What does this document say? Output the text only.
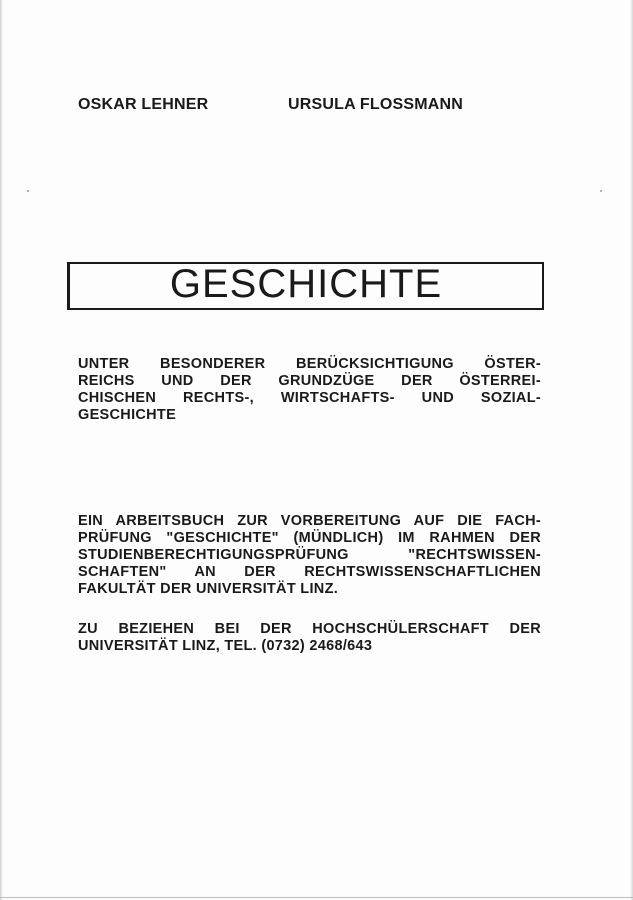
OSKAR LEHNER	URSULA FLOSSMANN
GESCHICHTE
UNTER BESONDERER BERÜCKSICHTIGUNG ÖSTER-
REICHS UND DER GRUNDZÜGE DER ÖSTERREI-
CHISCHEN RECHTS-, WIRTSCHAFTS- UND SOZIAL-
GESCHICHTE
EIN ARBEITSBUCH ZUR VORBEREITUNG AUF DIE FACH-
PRÜFUNG "GESCHICHTE" (MÜNDLICH) IM RAHMEN DER
STUDIENBERECHTIGUNGSPRÜFUNG "RECHTSWISSEN-
SCHAFTEN" AN DER RECHTSWISSENSCHAFTLICHEN
FAKULTÄT DER UNIVERSITÄT LINZ.
ZU BEZIEHEN BEI DER HOCHSCHÜLERSCHAFT DER
UNIVERSITÄT LINZ, TEL. (0732) 2468/643
